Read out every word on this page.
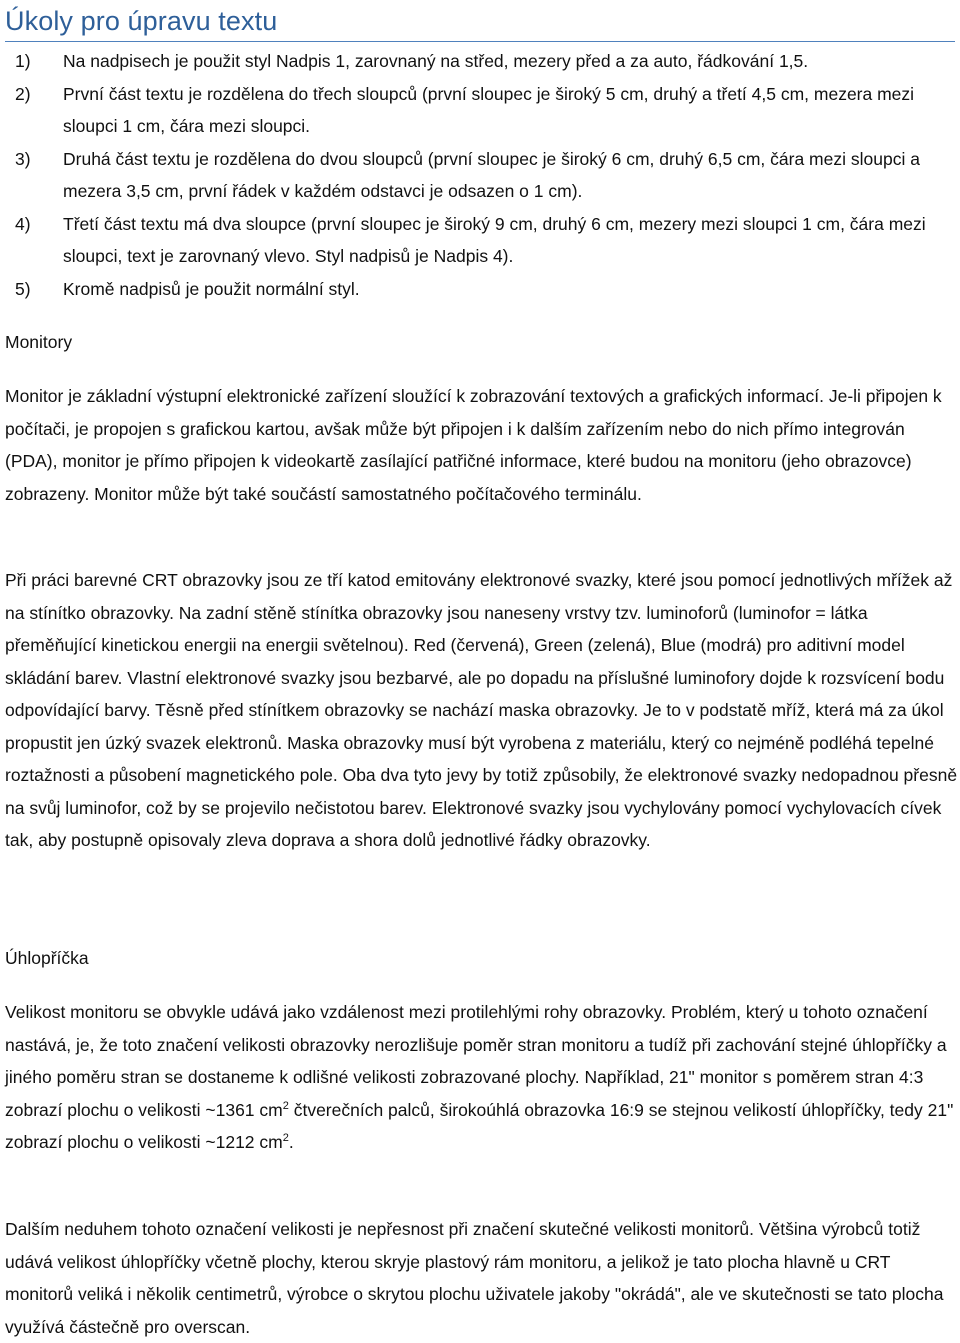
Úkoly pro úpravu textu
1) Na nadpisech je použit styl Nadpis 1, zarovnaný na střed, mezery před a za auto, řádkování 1,5.
2) První část textu je rozdělena do třech sloupců (první sloupec je široký 5 cm, druhý a třetí 4,5 cm, mezera mezi sloupci 1 cm, čára mezi sloupci.
3) Druhá část textu je rozdělena do dvou sloupců (první sloupec je široký 6 cm, druhý 6,5 cm, čára mezi sloupci a mezera 3,5 cm, první řádek v každém odstavci je odsazen o 1 cm).
4) Třetí část textu má dva sloupce (první sloupec je široký 9 cm, druhý 6 cm, mezery mezi sloupci 1 cm, čára mezi sloupci, text je zarovnaný vlevo. Styl nadpisů je Nadpis 4).
5) Kromě nadpisů je použit normální styl.
Monitory

Monitor je základní výstupní elektronické zařízení sloužící k zobrazování textových a grafických informací. Je-li připojen k počítači, je propojen s grafickou kartou, avšak může být připojen i k dalším zařízením nebo do nich přímo integrován (PDA), monitor je přímo připojen k videokartě zasílající patřičné informace, které budou na monitoru (jeho obrazovce) zobrazeny. Monitor může být také součástí samostatného počítačového terminálu.

Při práci barevné CRT obrazovky jsou ze tří katod emitovány elektronové svazky, které jsou pomocí jednotlivých mřížek až na stínítko obrazovky. Na zadní stěně stínítka obrazovky jsou naneseny vrstvy tzv. luminoforů (luminofor = látka přeměňující kinetickou energii na energii světelnou). Red (červená), Green (zelená), Blue (modrá) pro aditivní model skládání barev. Vlastní elektronové svazky jsou bezbarvé, ale po dopadu na příslušné luminofory dojde k rozsvícení bodu odpovídající barvy. Těsně před stínítkem obrazovky se nachází maska obrazovky. Je to v podstatě mříž, která má za úkol propustit jen úzký svazek elektronů. Maska obrazovky musí být vyrobena z materiálu, který co nejméně podléhá tepelné roztažnosti a působení magnetického pole. Oba dva tyto jevy by totiž způsobily, že elektronové svazky nedopadnou přesně na svůj luminofor, což by se projevilo nečistotou barev. Elektronové svazky jsou vychylovány pomocí vychylovacích cívek tak, aby postupně opisovaly zleva doprava a shora dolů jednotlivé řádky obrazovky.

Úhlopříčka

Velikost monitoru se obvykle udává jako vzdálenost mezi protilehlými rohy obrazovky. Problém, který u tohoto označení nastává, je, že toto značení velikosti obrazovky nerozlišuje poměr stran monitoru a tudíž při zachování stejné úhlopříčky a jiného poměru stran se dostaneme k odlišné velikosti zobrazované plochy. Například, 21" monitor s poměrem stran 4:3 zobrazí plochu o velikosti ~1361 $cm^2$ čtverečních palců, širokoúhlá obrazovka 16:9 se stejnou velikostí úhlopříčky, tedy 21" zobrazí plochu o velikosti ~1212 $cm^2$.

Dalším neduhem tohoto označení velikosti je nepřesnost při značení skutečné velikosti monitorů. Většina výrobců totiž udává velikost úhlopříčky včetně plochy, kterou skryje plastový rám monitoru, a jelikož je tato plocha hlavně u CRT monitorů veliká i několik centimetrů, výrobce o skrytou plochu uživatele jakoby "okrádá", ale ve skutečnosti se tato plocha využívá částečně pro overscan.
